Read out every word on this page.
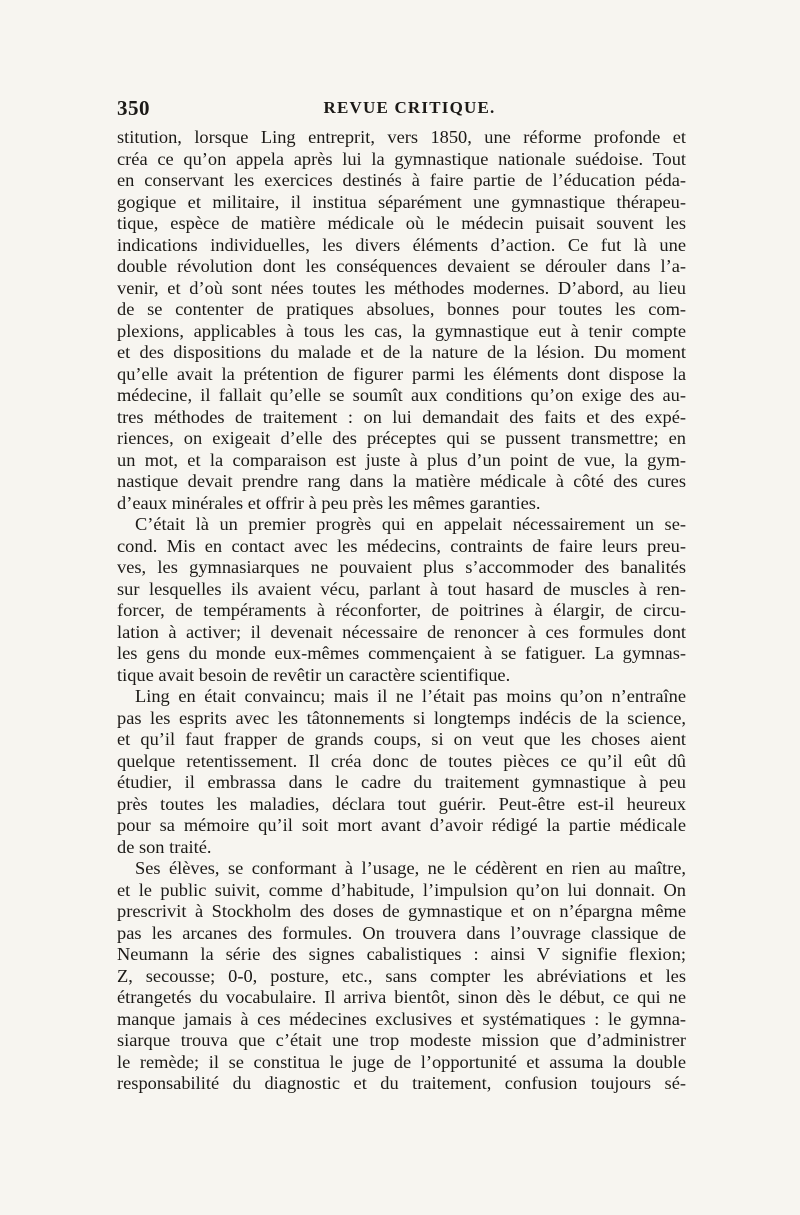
350	REVUE CRITIQUE.
stitution, lorsque Ling entreprit, vers 1850, une réforme profonde et
créa ce qu’on appela après lui la gymnastique nationale suédoise. Tout
en conservant les exercices destinés à faire partie de l’éducation péda-
gogique et militaire, il institua séparément une gymnastique thérapeu-
tique, espèce de matière médicale où le médecin puisait souvent les
indications individuelles, les divers éléments d’action. Ce fut là une
double révolution dont les conséquences devaient se dérouler dans l’a-
venir, et d’où sont nées toutes les méthodes modernes. D’abord, au lieu
de se contenter de pratiques absolues, bonnes pour toutes les com-
plexions, applicables à tous les cas, la gymnastique eut à tenir compte
et des dispositions du malade et de la nature de la lésion. Du moment
qu’elle avait la prétention de figurer parmi les éléments dont dispose la
médecine, il fallait qu’elle se soumît aux conditions qu’on exige des au-
tres méthodes de traitement : on lui demandait des faits et des expé-
riences, on exigeait d’elle des préceptes qui se pussent transmettre; en
un mot, et la comparaison est juste à plus d’un point de vue, la gym-
nastique devait prendre rang dans la matière médicale à côté des cures
d’eaux minérales et offrir à peu près les mêmes garanties.
C’était là un premier progrès qui en appelait nécessairement un se-
cond. Mis en contact avec les médecins, contraints de faire leurs preu-
ves, les gymnasiarques ne pouvaient plus s’accommoder des banalités
sur lesquelles ils avaient vécu, parlant à tout hasard de muscles à ren-
forcer, de tempéraments à réconforter, de poitrines à élargir, de circu-
lation à activer; il devenait nécessaire de renoncer à ces formules dont
les gens du monde eux-mêmes commençaient à se fatiguer. La gymnas-
tique avait besoin de revêtir un caractère scientifique.
Ling en était convaincu; mais il ne l’était pas moins qu’on n’entraîne
pas les esprits avec les tâtonnements si longtemps indécis de la science,
et qu’il faut frapper de grands coups, si on veut que les choses aient
quelque retentissement. Il créa donc de toutes pièces ce qu’il eût dû
étudier, il embrassa dans le cadre du traitement gymnastique à peu
près toutes les maladies, déclara tout guérir. Peut-être est-il heureux
pour sa mémoire qu’il soit mort avant d’avoir rédigé la partie médicale
de son traité.
Ses élèves, se conformant à l’usage, ne le cédèrent en rien au maître,
et le public suivit, comme d’habitude, l’impulsion qu’on lui donnait. On
prescrivit à Stockholm des doses de gymnastique et on n’épargna même
pas les arcanes des formules. On trouvera dans l’ouvrage classique de
Neumann la série des signes cabalistiques : ainsi V signifie flexion;
Z, secousse; 0-0, posture, etc., sans compter les abréviations et les
étrangetés du vocabulaire. Il arriva bientôt, sinon dès le début, ce qui ne
manque jamais à ces médecines exclusives et systématiques : le gymna-
siarque trouva que c’était une trop modeste mission que d’administrer
le remède; il se constitua le juge de l’opportunité et assuma la double
responsabilité du diagnostic et du traitement, confusion toujours sé-
